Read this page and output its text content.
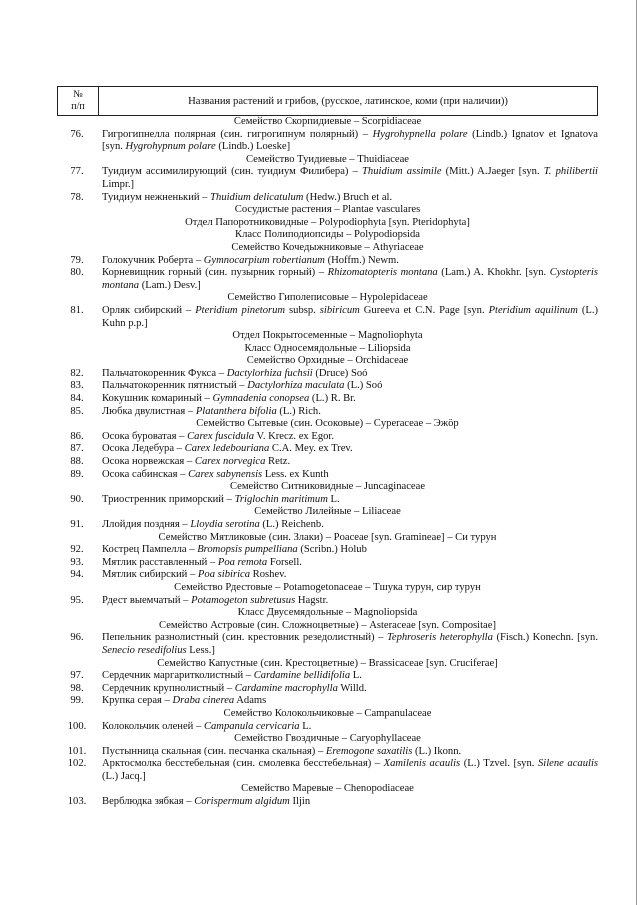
№
п/п	Названия растений и грибов, (русское, латинское, коми (при наличии))
Семейство Скорпидиевые – Scorpidiaceae
76.	Гигрогипнелла полярная (син. гигрогипнум полярный) – Hygrohypnella polare (Lindb.) Ignatov et Ignatova [syn. Hygrohypnum polare (Lindb.) Loeske]
Семейство Туидиевые – Thuidiaceae
77.	Туидиум ассимилирующий (син. туидиум Филибера) – Thuidium assimile (Mitt.) A.Jaeger [syn. T. philibertii Limpr.]
78.	Туидиум нежненький – Thuidium delicatulum (Hedw.) Bruch et al.
Сосудистые растения – Plantae vasculares
Отдел Папоротниковидные – Polypodiophyta [syn. Pteridophyta]
Класс Полиподиопсиды – Polypodiopsida
Семейство Кочедыжниковые – Athyriaceae
79.	Голокучник Роберта – Gymnocarpium robertianum (Hoffm.) Newm.
80.	Корневищник горный (син. пузырник горный) – Rhizomatopteris montana (Lam.) A. Khokhr. [syn. Cystopteris montana (Lam.) Desv.]
Семейство Гиполеписовые – Hypolepidaceae
81.	Орляк сибирский – Pteridium pinetorum subsp. sibiricum Gureeva et C.N. Page [syn. Pteridium aquilinum (L.) Kuhn p.p.]
Отдел Покрытосеменные – Magnoliophyta
Класс Односемядольные – Liliopsida
Семейство Орхидные – Orchidaceae
82.	Пальчатокоренник Фукса – Dactylorhiza fuchsii (Druce) Soó
83.	Пальчатокоренник пятнистый – Dactylorhiza maculata (L.) Soó
84.	Кокушник комариный – Gymnadenia conopsea (L.) R. Br.
85.	Любка двулистная – Platanthera bifolia (L.) Rich.
Семейство Сытевые (син. Осоковые) – Cyperaceae – Эжӧр
86.	Осока буроватая – Carex fuscidula V. Krecz. ex Egor.
87.	Осока Ледебура – Carex ledebouriana C.A. Mey. ex Trev.
88.	Осока норвежская – Carex norvegica Retz.
89.	Осока сабинская – Carex sabynensis Less. ex Kunth
Семейство Ситниковидные – Juncaginaceae
90.	Триостренник приморский – Triglochin maritimum L.
Семейство Лилейные – Liliaceae
91.	Ллойдия поздняя – Lloydia serotina (L.) Reichenb.
Семейство Мятликовые (син. Злаки) – Poaceae [syn. Gramineae] – Си турун
92.	Кострец Пампелла – Bromopsis pumpelliana (Scribn.) Holub
93.	Мятлик расставленный – Poa remota Forsell.
94.	Мятлик сибирский – Poa sibirica Roshev.
Семейство Рдестовые – Potamogetonaceae – Тшука турун, сир турун
95.	Рдест выемчатый – Potamogeton subretusus Hagstr.
Класс Двусемядольные – Magnoliopsida
Семейство Астровые (син. Сложноцветные) – Asteraceae [syn. Compositae]
96.	Пепельник разнолистный (син. крестовник резедолистный) – Tephroseris heterophylla (Fisch.) Konechn. [syn. Senecio resedifolius Less.]
Семейство Капустные (син. Крестоцветные) – Brassicaceae [syn. Cruciferae]
97.	Сердечник маргаритколистный – Cardamine bellidifolia L.
98.	Сердечник крупнолистный – Cardamine macrophylla Willd.
99.	Крупка серая – Draba cinerea Adams
Семейство Колокольчиковые – Campanulaceae
100.	Колокольчик оленей – Campanula cervicaria L.
Семейство Гвоздичные – Caryophyllaceae
101.	Пустынница скальная (син. песчанка скальная) – Eremogone saxatilis (L.) Ikonn.
102.	Арктосмолка бесстебельная (син. смолевка бесстебельная) – Xamilenis acaulis (L.) Tzvel. [syn. Silene acaulis (L.) Jacq.]
Семейство Маревые – Chenopodiaceae
103.	Верблюдка зябкая – Corispermum algidum Iljin
